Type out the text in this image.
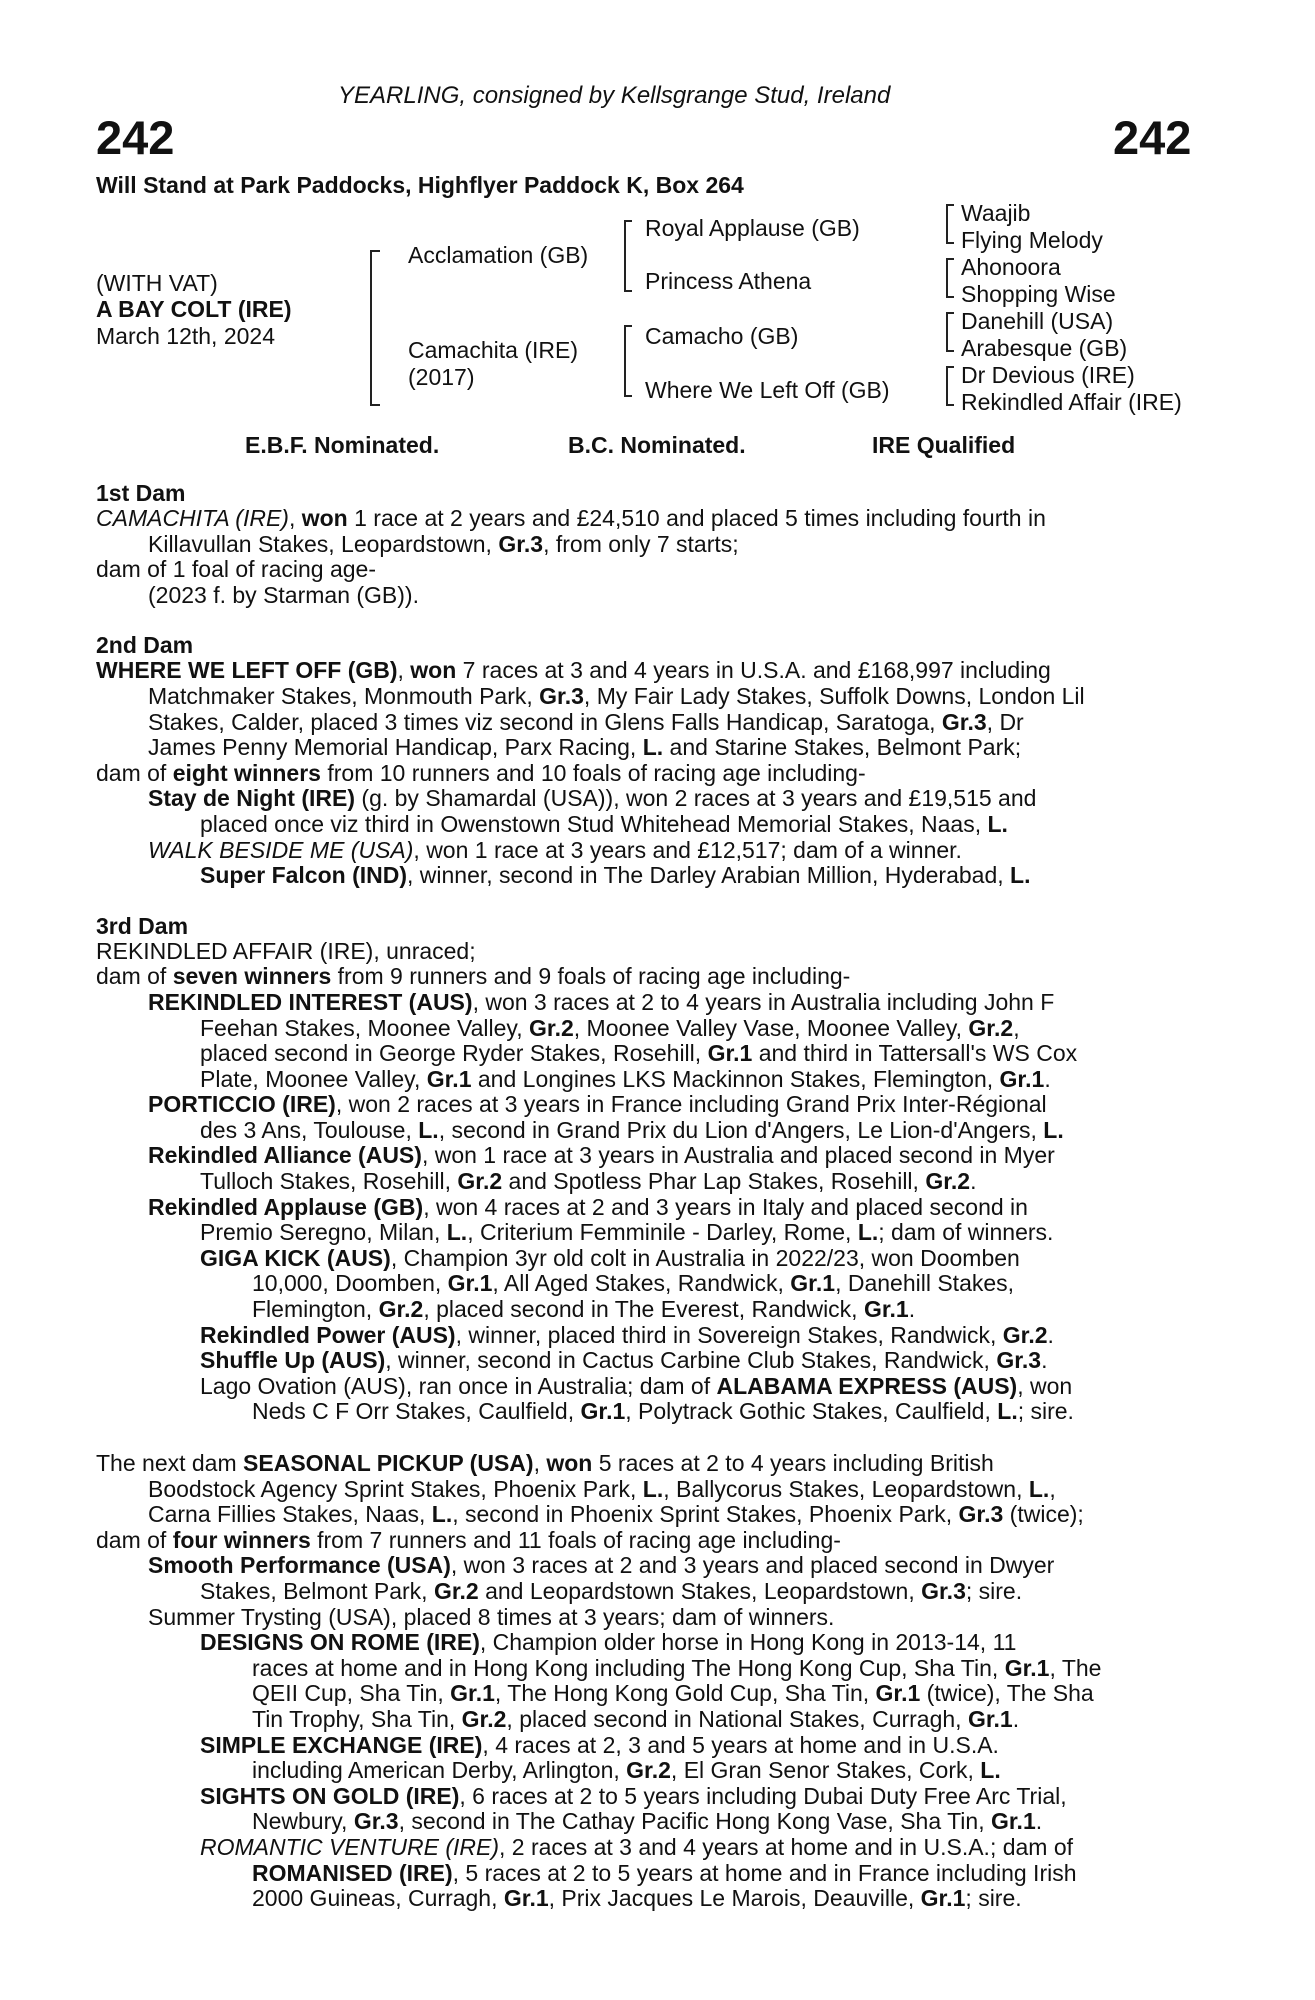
YEARLING, consigned by Kellsgrange Stud, Ireland
242	242
Will Stand at Park Paddocks, Highflyer Paddock K, Box 264
(WITH VAT)
A BAY COLT (IRE)
March 12th, 2024
Acclamation (GB)
Camachita (IRE)
(2017)
Royal Applause (GB)
Princess Athena
Camacho (GB)
Where We Left Off (GB)
Waajib
Flying Melody
Ahonoora
Shopping Wise
Danehill (USA)
Arabesque (GB)
Dr Devious (IRE)
Rekindled Affair (IRE)
E.B.F. Nominated.	B.C. Nominated.	IRE Qualified
1st Dam
CAMACHITA (IRE), won 1 race at 2 years and £24,510 and placed 5 times including fourth in
Killavullan Stakes, Leopardstown, Gr.3, from only 7 starts;
dam of 1 foal of racing age-
(2023 f. by Starman (GB)).
2nd Dam
WHERE WE LEFT OFF (GB), won 7 races at 3 and 4 years in U.S.A. and £168,997 including
Matchmaker Stakes, Monmouth Park, Gr.3, My Fair Lady Stakes, Suffolk Downs, London Lil
Stakes, Calder, placed 3 times viz second in Glens Falls Handicap, Saratoga, Gr.3, Dr
James Penny Memorial Handicap, Parx Racing, L. and Starine Stakes, Belmont Park;
dam of eight winners from 10 runners and 10 foals of racing age including-
Stay de Night (IRE) (g. by Shamardal (USA)), won 2 races at 3 years and £19,515 and
placed once viz third in Owenstown Stud Whitehead Memorial Stakes, Naas, L.
WALK BESIDE ME (USA), won 1 race at 3 years and £12,517; dam of a winner.
Super Falcon (IND), winner, second in The Darley Arabian Million, Hyderabad, L.
3rd Dam
REKINDLED AFFAIR (IRE), unraced;
dam of seven winners from 9 runners and 9 foals of racing age including-
REKINDLED INTEREST (AUS), won 3 races at 2 to 4 years in Australia including John F
Feehan Stakes, Moonee Valley, Gr.2, Moonee Valley Vase, Moonee Valley, Gr.2,
placed second in George Ryder Stakes, Rosehill, Gr.1 and third in Tattersall's WS Cox
Plate, Moonee Valley, Gr.1 and Longines LKS Mackinnon Stakes, Flemington, Gr.1.
PORTICCIO (IRE), won 2 races at 3 years in France including Grand Prix Inter-Régional
des 3 Ans, Toulouse, L., second in Grand Prix du Lion d'Angers, Le Lion-d'Angers, L.
Rekindled Alliance (AUS), won 1 race at 3 years in Australia and placed second in Myer
Tulloch Stakes, Rosehill, Gr.2 and Spotless Phar Lap Stakes, Rosehill, Gr.2.
Rekindled Applause (GB), won 4 races at 2 and 3 years in Italy and placed second in
Premio Seregno, Milan, L., Criterium Femminile - Darley, Rome, L.; dam of winners.
GIGA KICK (AUS), Champion 3yr old colt in Australia in 2022/23, won Doomben
10,000, Doomben, Gr.1, All Aged Stakes, Randwick, Gr.1, Danehill Stakes,
Flemington, Gr.2, placed second in The Everest, Randwick, Gr.1.
Rekindled Power (AUS), winner, placed third in Sovereign Stakes, Randwick, Gr.2.
Shuffle Up (AUS), winner, second in Cactus Carbine Club Stakes, Randwick, Gr.3.
Lago Ovation (AUS), ran once in Australia; dam of ALABAMA EXPRESS (AUS), won
Neds C F Orr Stakes, Caulfield, Gr.1, Polytrack Gothic Stakes, Caulfield, L.; sire.
The next dam SEASONAL PICKUP (USA), won 5 races at 2 to 4 years including British
Boodstock Agency Sprint Stakes, Phoenix Park, L., Ballycorus Stakes, Leopardstown, L.,
Carna Fillies Stakes, Naas, L., second in Phoenix Sprint Stakes, Phoenix Park, Gr.3 (twice);
dam of four winners from 7 runners and 11 foals of racing age including-
Smooth Performance (USA), won 3 races at 2 and 3 years and placed second in Dwyer
Stakes, Belmont Park, Gr.2 and Leopardstown Stakes, Leopardstown, Gr.3; sire.
Summer Trysting (USA), placed 8 times at 3 years; dam of winners.
DESIGNS ON ROME (IRE), Champion older horse in Hong Kong in 2013-14, 11
races at home and in Hong Kong including The Hong Kong Cup, Sha Tin, Gr.1, The
QEII Cup, Sha Tin, Gr.1, The Hong Kong Gold Cup, Sha Tin, Gr.1 (twice), The Sha
Tin Trophy, Sha Tin, Gr.2, placed second in National Stakes, Curragh, Gr.1.
SIMPLE EXCHANGE (IRE), 4 races at 2, 3 and 5 years at home and in U.S.A.
including American Derby, Arlington, Gr.2, El Gran Senor Stakes, Cork, L.
SIGHTS ON GOLD (IRE), 6 races at 2 to 5 years including Dubai Duty Free Arc Trial,
Newbury, Gr.3, second in The Cathay Pacific Hong Kong Vase, Sha Tin, Gr.1.
ROMANTIC VENTURE (IRE), 2 races at 3 and 4 years at home and in U.S.A.; dam of
ROMANISED (IRE), 5 races at 2 to 5 years at home and in France including Irish
2000 Guineas, Curragh, Gr.1, Prix Jacques Le Marois, Deauville, Gr.1; sire.
